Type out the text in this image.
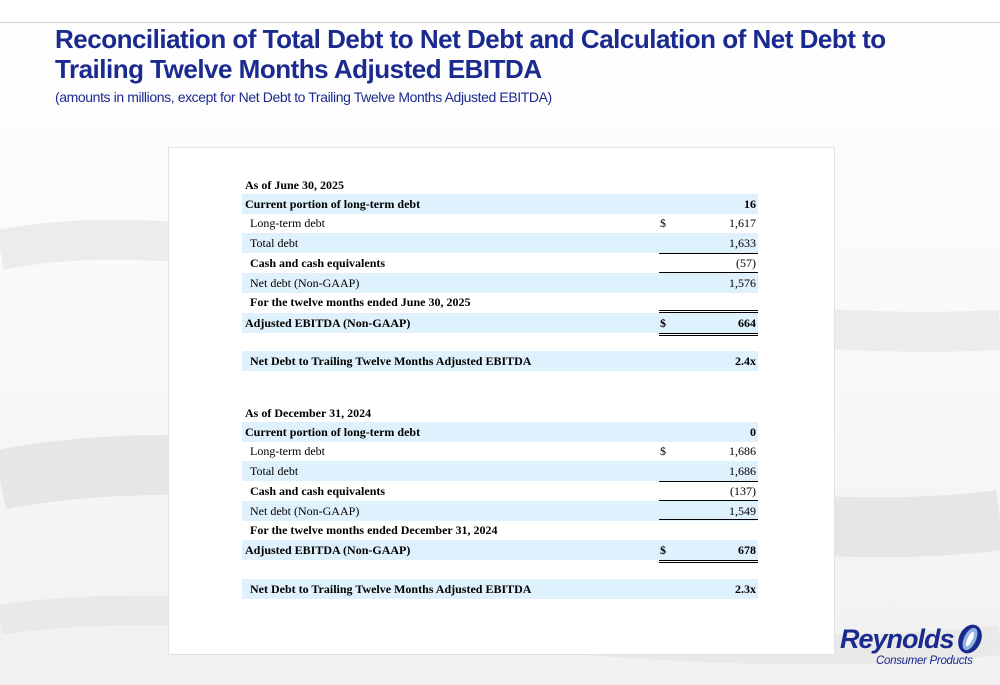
Reconciliation of Total Debt to Net Debt and Calculation of Net Debt to Trailing Twelve Months Adjusted EBITDA
(amounts in millions, except for Net Debt to Trailing Twelve Months Adjusted EBITDA)
As of June 30, 2025
Current portion of long-term debt	16
Long-term debt	$	1,617
Total debt	1,633
Cash and cash equivalents	(57)
Net debt (Non-GAAP)	1,576
For the twelve months ended June 30, 2025
Adjusted EBITDA (Non-GAAP)	$	664
Net Debt to Trailing Twelve Months Adjusted EBITDA	2.4x
As of December 31, 2024
Current portion of long-term debt	0
Long-term debt	$	1,686
Total debt	1,686
Cash and cash equivalents	(137)
Net debt (Non-GAAP)	1,549
For the twelve months ended December 31, 2024
Adjusted EBITDA (Non-GAAP)	$	678
Net Debt to Trailing Twelve Months Adjusted EBITDA	2.3x
Reynolds
Consumer Products
